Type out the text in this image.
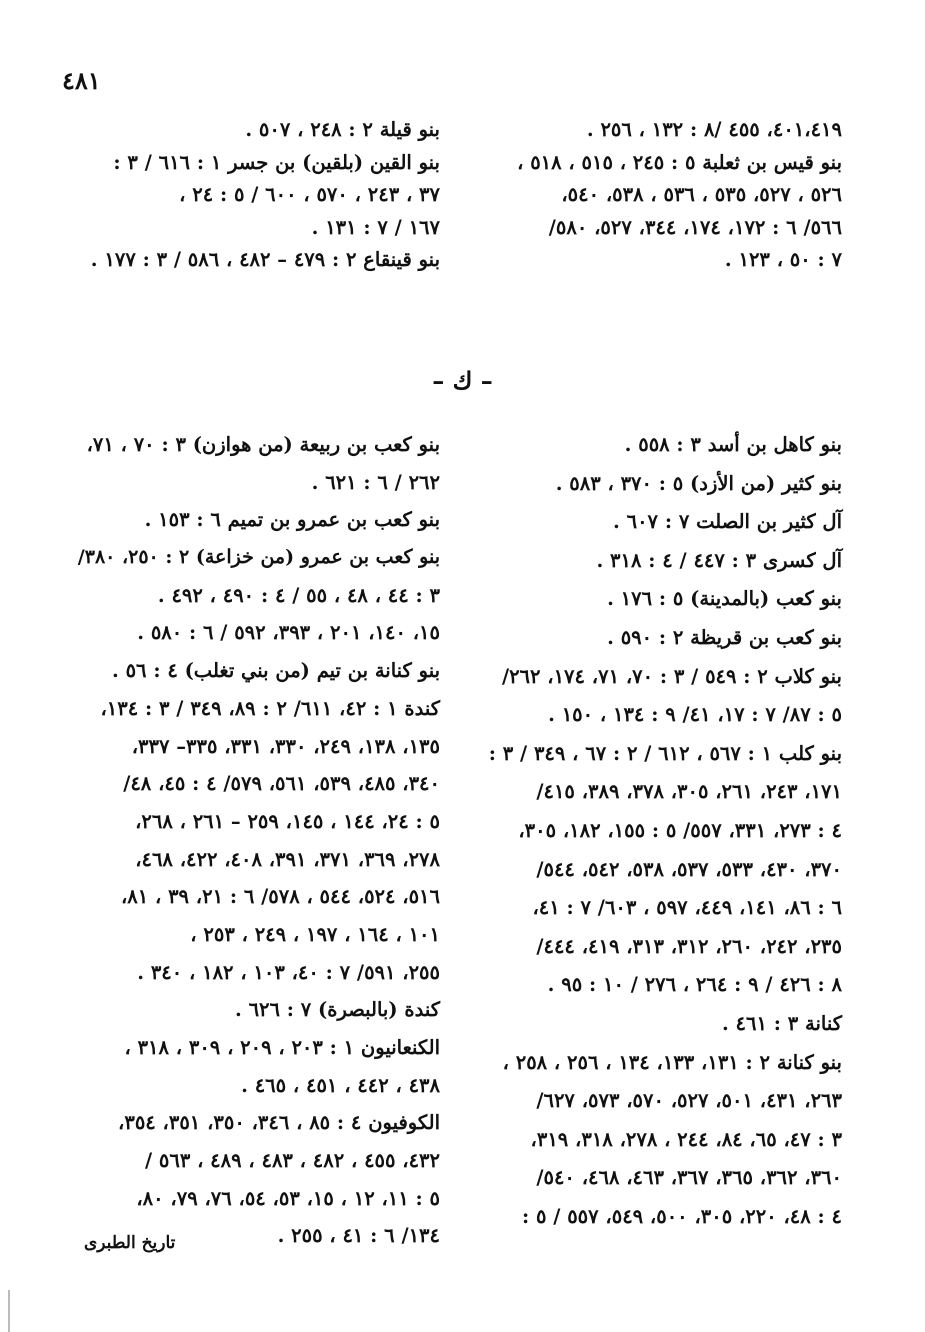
٤٨١

٤٠١،٤١٩، ٤٥٥ /٨ : ١٣٢ ، ٢٥٦ .

بنو قيس بن ثعلبة ٥ : ٢٤٥ ، ٥١٥ ، ٥١٨ ،

٥٢٦ ، ٥٢٧، ٥٣٥ ، ٥٣٦ ، ٥٣٨، ٥٤٠،

٥٦٦/ ٦ : ١٧٢، ١٧٤، ٣٤٤، ٥٢٧، ٥٨٠/

٧ : ٥٠ ، ١٢٣ .

بنو قيلة ٢ : ٢٤٨ ، ٥٠٧ .

بنو القين (بلقين) بن جسر ١ : ٦١٦ / ٣ :

٣٧ ، ٢٤٣ ، ٥٧٠ ، ٦٠٠ / ٥ : ٢٤ ،

١٦٧ / ٧ : ١٣١ .

بنو قينقاع ٢ : ٤٧٩ – ٤٨٢ ، ٥٨٦ / ٣ : ١٧٧ .

– ك –

بنو كاهل بن أسد ٣ : ٥٥٨ .

بنو كثير (من الأزد) ٥ : ٣٧٠ ، ٥٨٣ .

آل كثير بن الصلت ٧ : ٦٠٧ .

آل كسرى ٣ : ٤٤٧ / ٤ : ٣١٨ .

بنو كعب (بالمدينة) ٥ : ١٧٦ .

بنو كعب بن قريظة ٢ : ٥٩٠ .

بنو كلاب ٢ : ٥٤٩ / ٣ : ٧٠، ٧١، ١٧٤، ٢٦٢/

٥ : ٨٧/ ٧ : ١٧، ٤١/ ٩ : ١٣٤ ، ١٥٠ .

بنو كلب ١ : ٥٦٧ ، ٦١٢ / ٢ : ٦٧ ، ٣٤٩ / ٣ :

١٧١، ٢٤٣، ٢٦١، ٣٠٥، ٣٧٨، ٣٨٩، ٤١٥/

٤ : ٢٧٣، ٣٣١، ٥٥٧/ ٥ : ١٥٥، ١٨٢، ٣٠٥،

٣٧٠، ٤٣٠، ٥٣٣، ٥٣٧، ٥٣٨، ٥٤٢، ٥٤٤/

٦ : ٨٦، ١٤١، ٤٤٩، ٥٩٧ ، ٦٠٣/ ٧ : ٤١،

٢٣٥، ٢٤٢، ٢٦٠، ٣١٢، ٣١٣، ٤١٩، ٤٤٤/

٨ : ٤٢٦ / ٩ : ٢٦٤ ، ٢٧٦ / ١٠ : ٩٥ .

كنانة ٣ : ٤٦١ .

بنو كنانة ٢ : ١٣١، ١٣٣، ١٣٤ ، ٢٥٦ ، ٢٥٨ ،

٢٦٣، ٤٣١، ٥٠١، ٥٢٧، ٥٧٠، ٥٧٣، ٦٢٧/

٣ : ٤٧، ٦٥، ٨٤، ٢٤٤ ، ٢٧٨، ٣١٨، ٣١٩،

٣٦٠، ٣٦٢، ٣٦٥، ٣٦٧، ٤٦٣، ٤٦٨، ٥٤٠/

٤ : ٤٨، ٢٢٠، ٣٠٥، ٥٠٠، ٥٤٩، ٥٥٧ / ٥ :

بنو كعب بن ربيعة (من هوازن) ٣ : ٧٠ ، ٧١،

٢٦٢ / ٦ : ٦٢١ .

بنو كعب بن عمرو بن تميم ٦ : ١٥٣ .

بنو كعب بن عمرو (من خزاعة) ٢ : ٢٥٠، ٣٨٠/

٣ : ٤٤ ، ٤٨ ، ٥٥ / ٤ : ٤٩٠ ، ٤٩٢ .

١٥، ١٤٠، ٢٠١ ، ٣٩٣، ٥٩٢ / ٦ : ٥٨٠ .

بنو كنانة بن تيم (من بني تغلب) ٤ : ٥٦ .

كندة ١ : ٤٢، ٦١١/ ٢ : ٨٩، ٣٤٩ / ٣ : ١٣٤،

١٣٥، ١٣٨، ٢٤٩، ٣٣٠، ٣٣١، ٣٣٥– ٣٣٧،

٣٤٠، ٤٨٥، ٥٣٩، ٥٦١، ٥٧٩/ ٤ : ٤٥، ٤٨/

٥ : ٢٤، ١٤٤ ، ١٤٥، ٢٥٩ – ٢٦١ ، ٢٦٨،

٢٧٨، ٣٦٩، ٣٧١، ٣٩١، ٤٠٨، ٤٢٢، ٤٦٨،

٥١٦، ٥٢٤، ٥٤٤ ، ٥٧٨/ ٦ : ٢١، ٣٩ ، ٨١،

١٠١ ، ١٦٤ ، ١٩٧ ، ٢٤٩ ، ٢٥٣ ،

٢٥٥، ٥٩١/ ٧ : ٤٠، ١٠٣ ، ١٨٢ ، ٣٤٠ .

كندة (بالبصرة) ٧ : ٦٢٦ .

الكنعانيون ١ : ٢٠٣ ، ٢٠٩ ، ٣٠٩ ، ٣١٨ ،

٤٣٨ ، ٤٤٢ ، ٤٥١ ، ٤٦٥ .

الكوفيون ٤ : ٨٥ ، ٣٤٦، ٣٥٠، ٣٥١، ٣٥٤،

٤٣٢، ٤٥٥ ، ٤٨٢ ، ٤٨٣ ، ٤٨٩ ، ٥٦٣ /

٥ : ١١، ١٢ ، ١٥، ٥٣، ٥٤، ٧٦، ٧٩، ٨٠،

١٣٤/ ٦ : ٤١ ، ٢٥٥ .

تاريخ الطبرى
